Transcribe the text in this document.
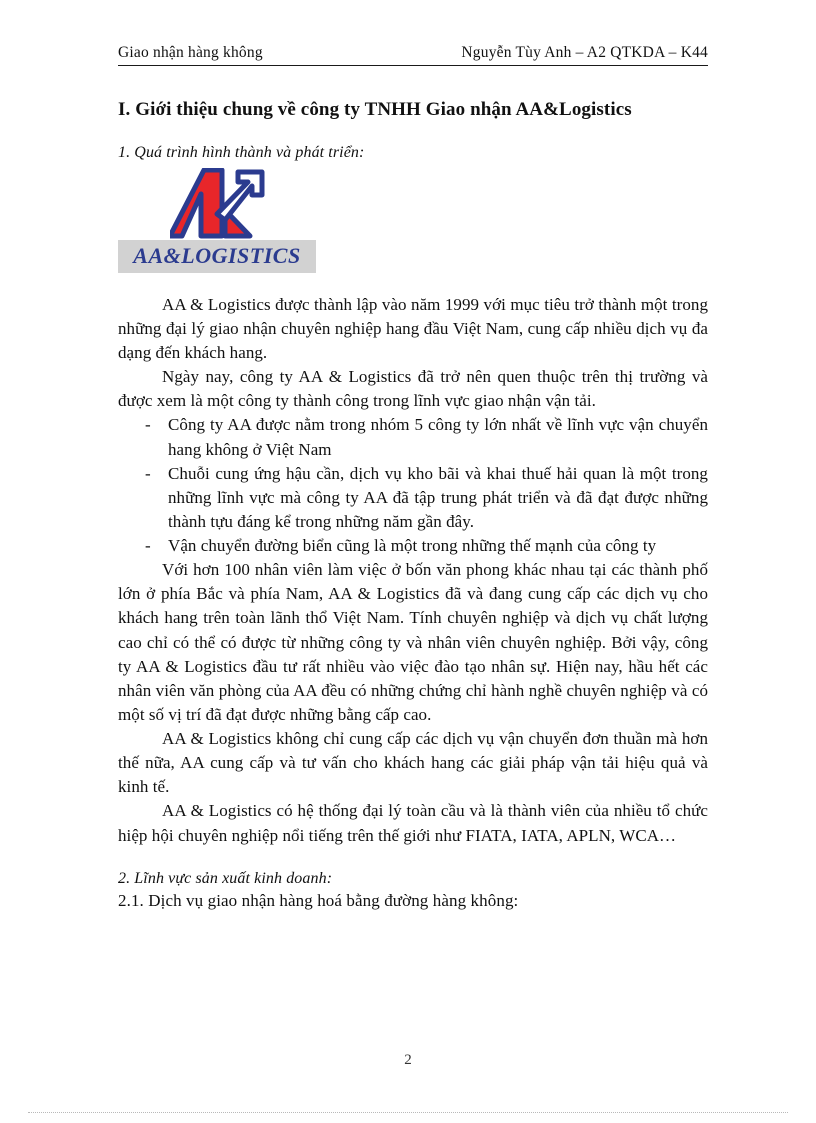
Giao nhận hàng không	Nguyễn Tùy Anh – A2 QTKDA – K44
I. Giới thiệu chung về công ty TNHH Giao nhận AA&Logistics
1. Quá trình hình thành và phát triển:
AA&LOGISTICS

AA & Logistics được thành lập vào năm 1999 với mục tiêu trở thành một trong những đại lý giao nhận chuyên nghiệp hang đầu Việt Nam, cung cấp nhiều dịch vụ đa dạng đến khách hang.

Ngày nay, công ty AA & Logistics đã trở nên quen thuộc trên thị trường và được xem là một công ty thành công trong lĩnh vực giao nhận vận tải.

- Công ty AA được nằm trong nhóm 5 công ty lớn nhất về lĩnh vực vận chuyển hang không ở Việt Nam
- Chuỗi cung ứng hậu cần, dịch vụ kho bãi và khai thuế hải quan là một trong những lĩnh vực mà công ty AA đã tập trung phát triển và đã đạt được những thành tựu đáng kể trong những năm gần đây.
- Vận chuyển đường biển cũng là một trong những thế mạnh của công ty

Với hơn 100 nhân viên làm việc ở bốn văn phong khác nhau tại các thành phố lớn ở phía Bắc và phía Nam, AA & Logistics đã và đang cung cấp các dịch vụ cho khách hang trên toàn lãnh thổ Việt Nam. Tính chuyên nghiệp và dịch vụ chất lượng cao chỉ có thể có được từ những công ty và nhân viên chuyên nghiệp. Bởi vậy, công ty AA & Logistics đầu tư rất nhiều vào việc đào tạo nhân sự. Hiện nay, hầu hết các nhân viên văn phòng của AA đều có những chứng chỉ hành nghề chuyên nghiệp và có một số vị trí đã đạt được những bằng cấp cao.

AA & Logistics không chỉ cung cấp các dịch vụ vận chuyển đơn thuần mà hơn thế nữa, AA cung cấp và tư vấn cho khách hang các giải pháp vận tải hiệu quả và kinh tế.

AA & Logistics có hệ thống đại lý toàn cầu và là thành viên của nhiều tổ chức hiệp hội chuyên nghiệp nổi tiếng trên thế giới như FIATA, IATA, APLN, WCA…

2. Lĩnh vực sản xuất kinh doanh:
2.1. Dịch vụ giao nhận hàng hoá bằng đường hàng không:
2
